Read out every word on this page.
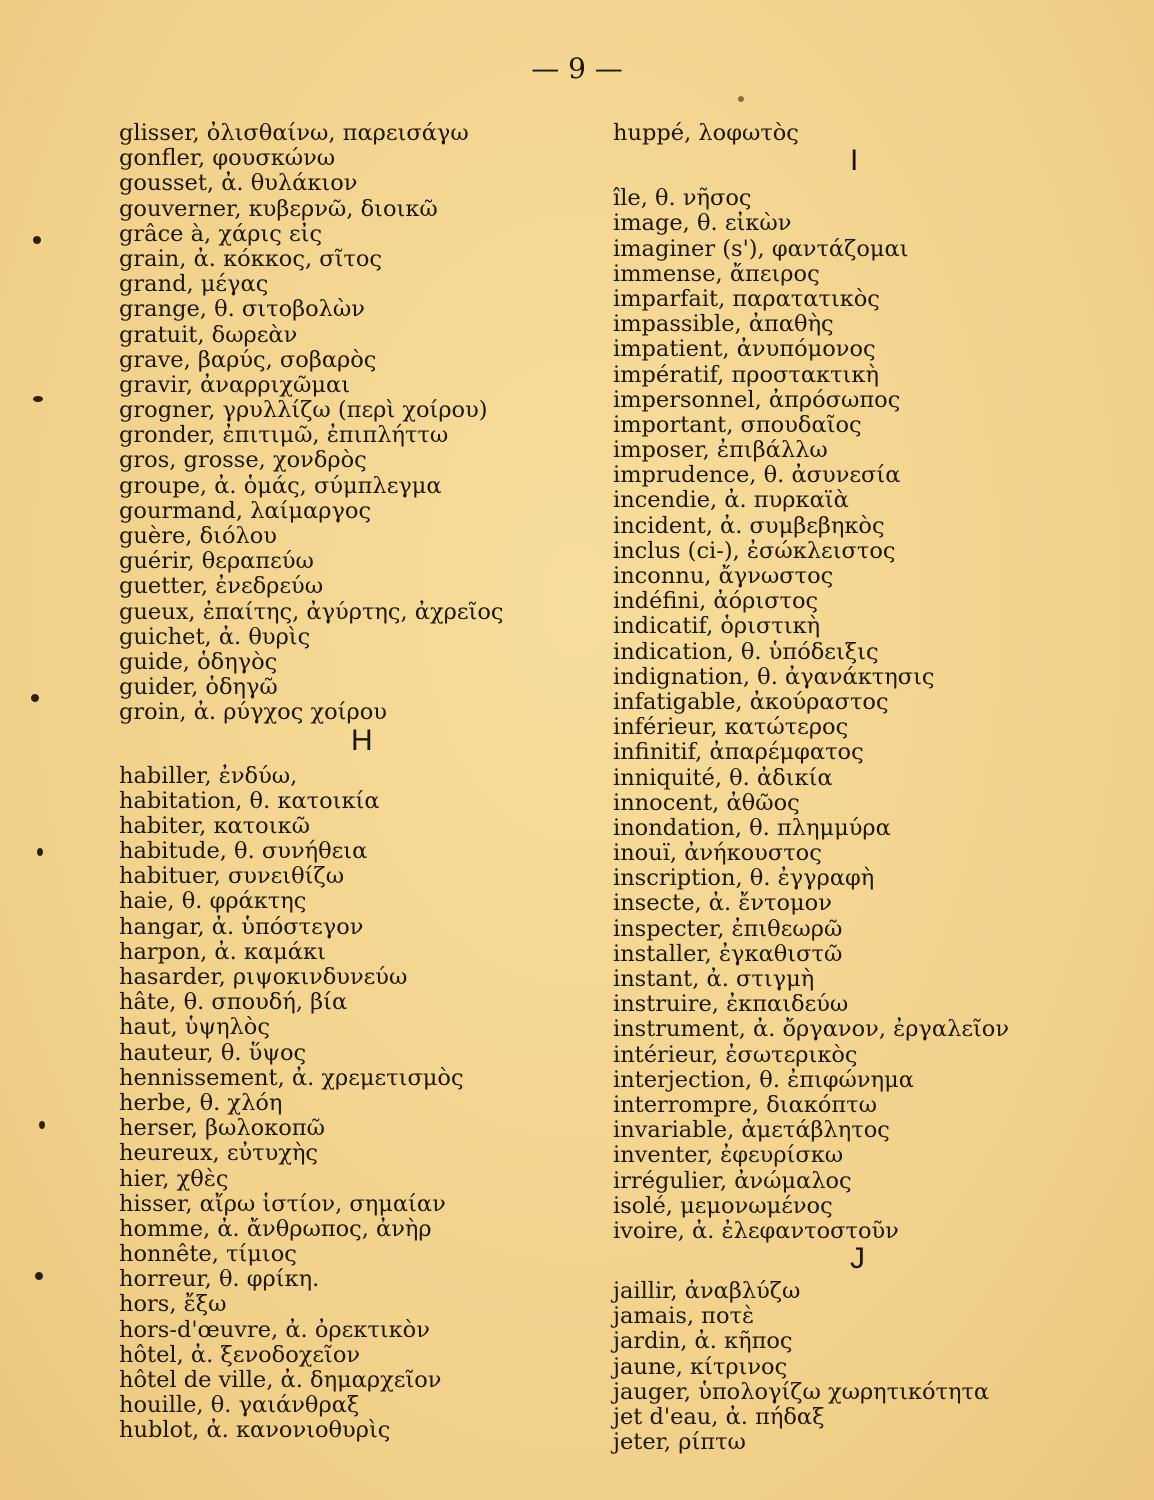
— 9 —
glisser, ὀλισθαίνω, παρεισάγω
gonfler, φουσκώνω
gousset, ἀ. θυλάκιον
gouverner, κυβερνῶ, διοικῶ
grâce à, χάρις εἰς
grain, ἀ. κόκκος, σῖτος
grand, μέγας
grange, θ. σιτοβολὼν
gratuit, δωρεὰν
grave, βαρύς, σοβαρὸς
gravir, ἀναρριχῶμαι
grogner, γρυλλίζω (περὶ χοίρου)
gronder, ἐπιτιμῶ, ἐπιπλήττω
gros, grosse, χονδρὸς
groupe, ἀ. ὁμάς, σύμπλεγμα
gourmand, λαίμαργος
guère, διόλου
guérir, θεραπεύω
guetter, ἐνεδρεύω
gueux, ἐπαίτης, ἀγύρτης, ἀχρεῖος
guichet, ἀ. θυρὶς
guide, ὁδηγὸς
guider, ὁδηγῶ
groin, ἀ. ρύγχος χοίρου
H
habiller, ἐνδύω,
habitation, θ. κατοικία
habiter, κατοικῶ
habitude, θ. συνήθεια
habituer, συνειθίζω
haie, θ. φράκτης
hangar, ἀ. ὑπόστεγον
harpon, ἀ. καμάκι
hasarder, ριψοκινδυνεύω
hâte, θ. σπουδή, βία
haut, ὑψηλὸς
hauteur, θ. ὕψος
hennissement, ἀ. χρεμετισμὸς
herbe, θ. χλόη
herser, βωλοκοπῶ
heureux, εὐτυχὴς
hier, χθὲς
hisser, αἴρω ἱστίον, σημαίαν
homme, ἀ. ἄνθρωπος, ἀνὴρ
honnête, τίμιος
horreur, θ. φρίκη.
hors, ἔξω
hors-d'œuvre, ἀ. ὀρεκτικὸν
hôtel, ἀ. ξενοδοχεῖον
hôtel de ville, ἀ. δημαρχεῖον
houille, θ. γαιάνθραξ
hublot, ἀ. κανονιοθυρὶς
huppé, λοφωτὸς
I
île, θ. νῆσος
image, θ. εἰκὼν
imaginer (s'), φαντάζομαι
immense, ἄπειρος
imparfait, παρατατικὸς
impassible, ἀπαθὴς
impatient, ἀνυπόμονος
impératif, προστακτικὴ
impersonnel, ἀπρόσωπος
important, σπουδαῖος
imposer, ἐπιβάλλω
imprudence, θ. ἀσυνεσία
incendie, ἀ. πυρκαϊὰ
incident, ἀ. συμβεβηκὸς
inclus (ci-), ἐσώκλειστος
inconnu, ἄγνωστος
indéfini, ἀόριστος
indicatif, ὁριστικὴ
indication, θ. ὑπόδειξις
indignation, θ. ἀγανάκτησις
infatigable, ἀκούραστος
inférieur, κατώτερος
infinitif, ἀπαρέμφατος
inniquité, θ. ἀδικία
innocent, ἀθῶος
inondation, θ. πλημμύρα
inouï, ἀνήκουστος
inscription, θ. ἐγγραφὴ
insecte, ἀ. ἔντομον
inspecter, ἐπιθεωρῶ
installer, ἐγκαθιστῶ
instant, ἀ. στιγμὴ
instruire, ἐκπαιδεύω
instrument, ἀ. ὄργανον, ἐργαλεῖον
intérieur, ἐσωτερικὸς
interjection, θ. ἐπιφώνημα
interrompre, διακόπτω
invariable, ἀμετάβλητος
inventer, ἐφευρίσκω
irrégulier, ἀνώμαλος
isolé, μεμονωμένος
ivoire, ἀ. ἐλεφαντοστοῦν
J
jaillir, ἀναβλύζω
jamais, ποτὲ
jardin, ἀ. κῆπος
jaune, κίτρινος
jauger, ὑπολογίζω χωρητικότητα
jet d'eau, ἀ. πήδαξ
jeter, ρίπτω
